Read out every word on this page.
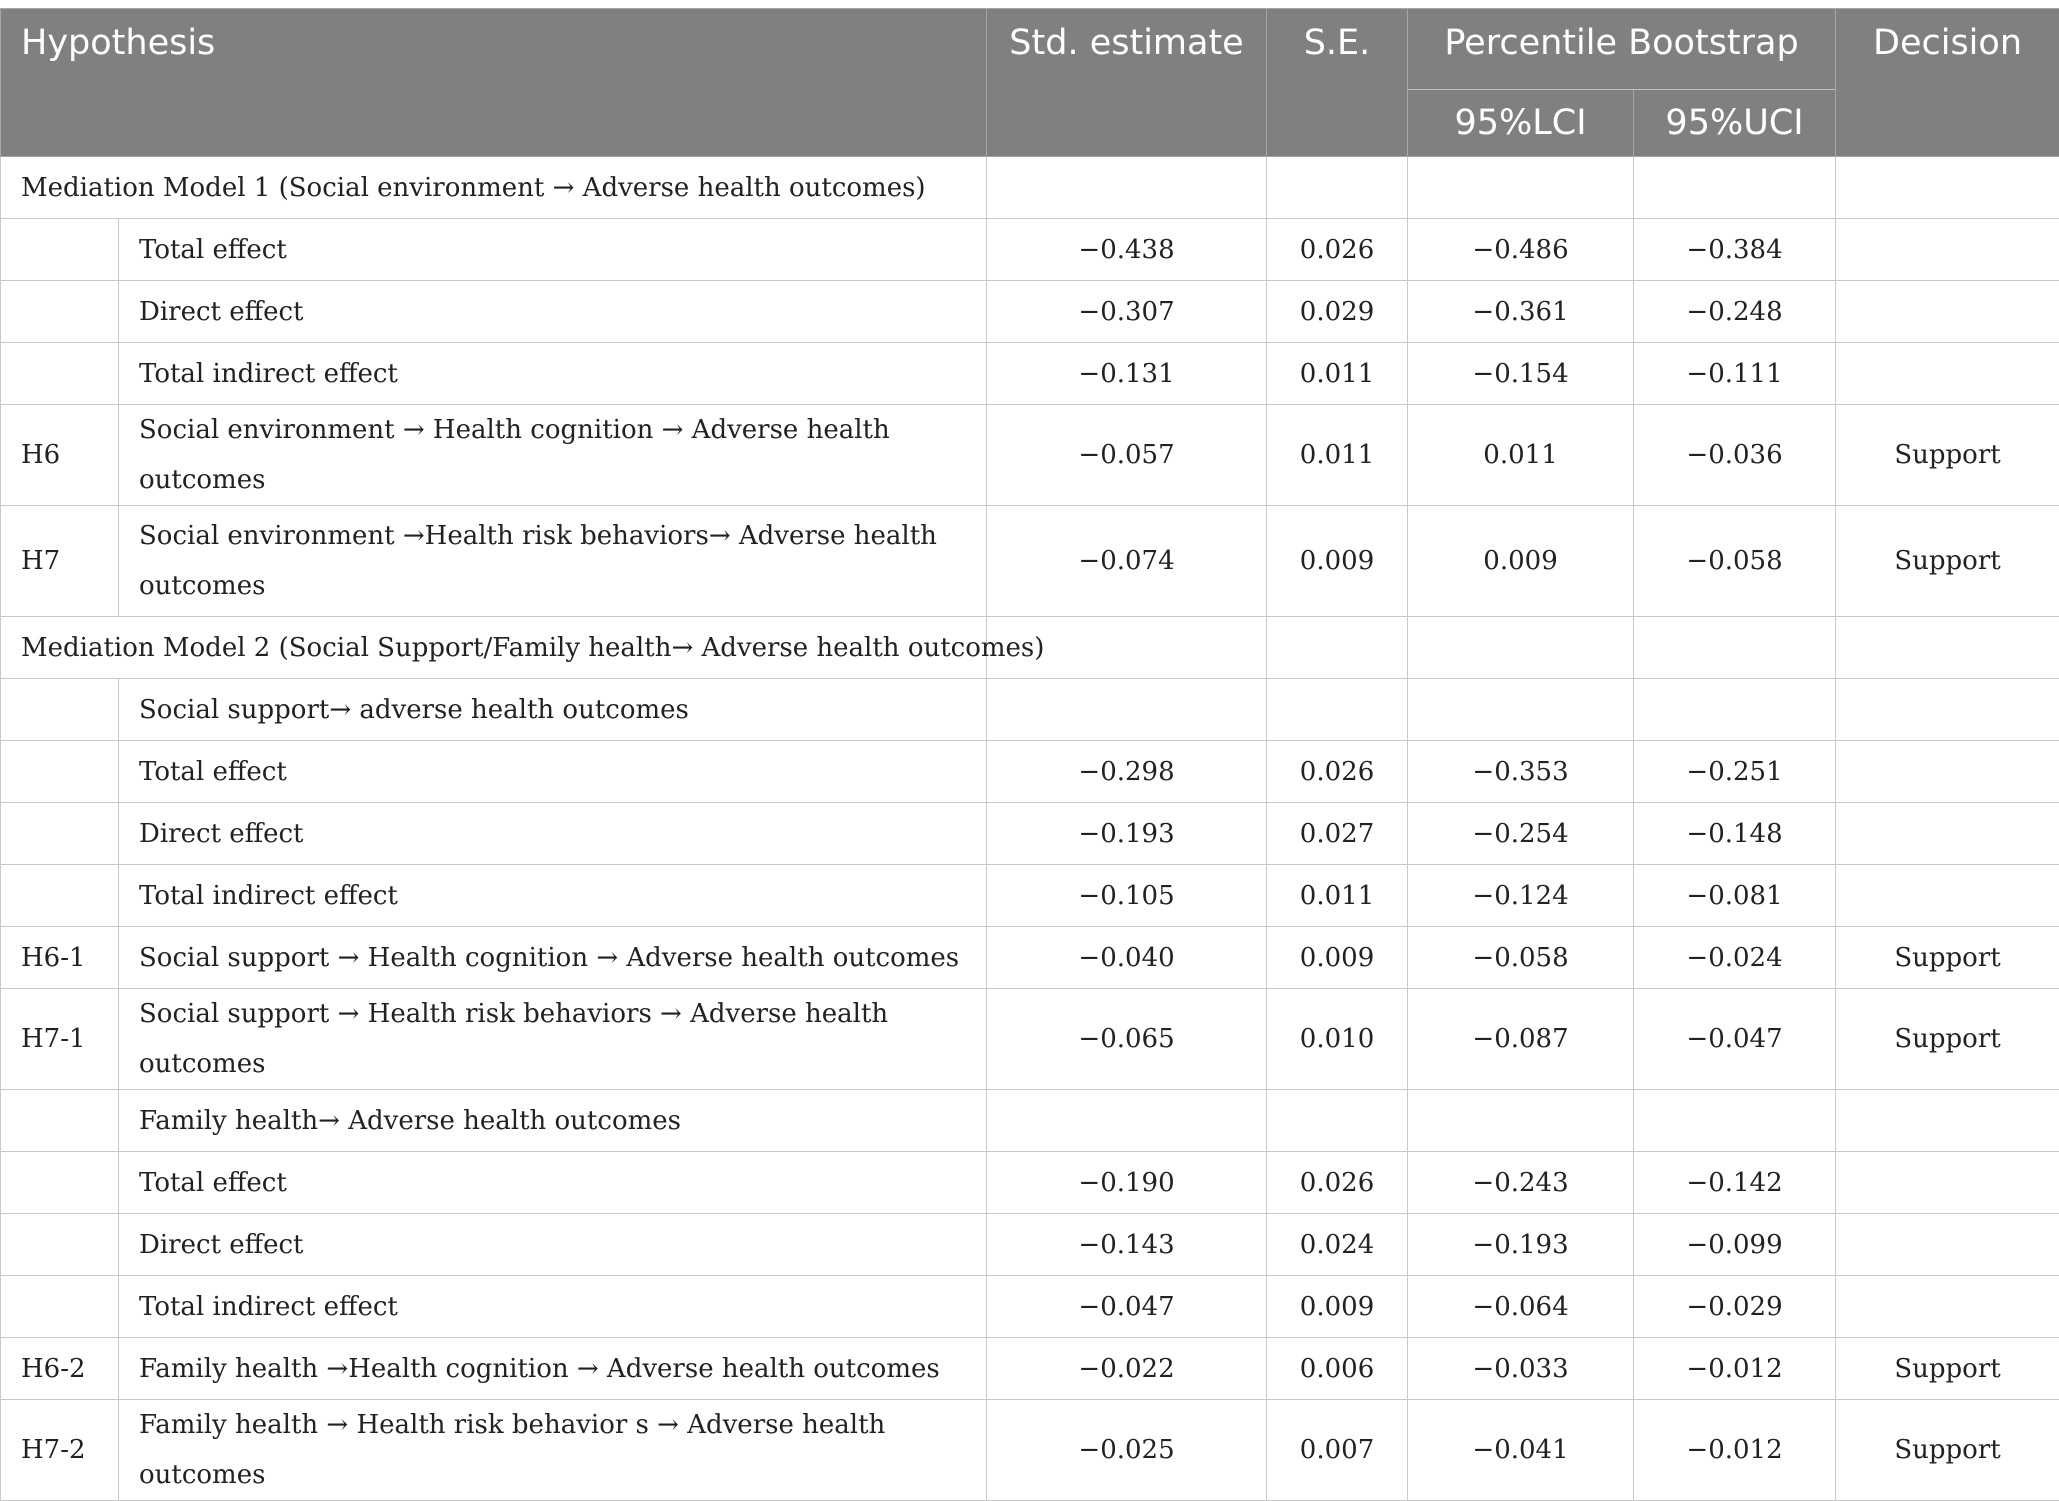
Hypothesis		Std. estimate	S.E.	Percentile Bootstrap		Decision
				95%LCI	95%UCI	
Mediation Model 1 (Social environment → Adverse health outcomes)						
	Total effect	−0.438	0.026	−0.486	−0.384	
	Direct effect	−0.307	0.029	−0.361	−0.248	
	Total indirect effect	−0.131	0.011	−0.154	−0.111	
H6	Social environment → Health cognition → Adverse health outcomes	−0.057	0.011	0.011	−0.036	Support
H7	Social environment →Health risk behaviors→ Adverse health outcomes	−0.074	0.009	0.009	−0.058	Support
Mediation Model 2 (Social Support/Family health→ Adverse health outcomes)						
	Social support→ adverse health outcomes					
	Total effect	−0.298	0.026	−0.353	−0.251	
	Direct effect	−0.193	0.027	−0.254	−0.148	
	Total indirect effect	−0.105	0.011	−0.124	−0.081	
H6-1	Social support → Health cognition → Adverse health outcomes	−0.040	0.009	−0.058	−0.024	Support
H7-1	Social support → Health risk behaviors → Adverse health outcomes	−0.065	0.010	−0.087	−0.047	Support
	Family health→ Adverse health outcomes					
	Total effect	−0.190	0.026	−0.243	−0.142	
	Direct effect	−0.143	0.024	−0.193	−0.099	
	Total indirect effect	−0.047	0.009	−0.064	−0.029	
H6-2	Family health →Health cognition → Adverse health outcomes	−0.022	0.006	−0.033	−0.012	Support
H7-2	Family health → Health risk behavior s → Adverse health outcomes	−0.025	0.007	−0.041	−0.012	Support
